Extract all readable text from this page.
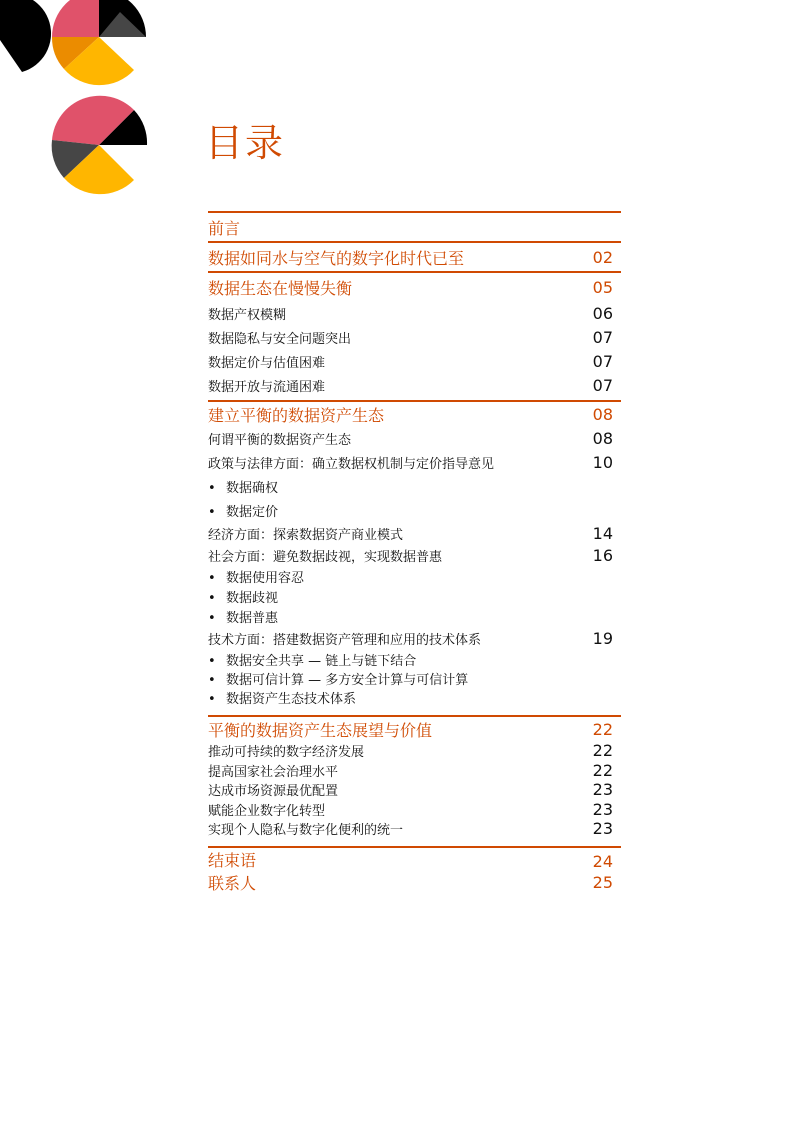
目录
前言
数据如同水与空气的数字化时代已至	02
数据生态在慢慢失衡	05
数据产权模糊	06
数据隐私与安全问题突出	07
数据定价与估值困难	07
数据开放与流通困难	07
建立平衡的数据资产生态	08
何谓平衡的数据资产生态	08
政策与法律方面：确立数据权机制与定价指导意见	10
• 数据确权
• 数据定价
经济方面：探索数据资产商业模式	14
社会方面：避免数据歧视，实现数据普惠	16
• 数据使用容忍
• 数据歧视
• 数据普惠
技术方面：搭建数据资产管理和应用的技术体系	19
• 数据安全共享 — 链上与链下结合
• 数据可信计算 — 多方安全计算与可信计算
• 数据资产生态技术体系
平衡的数据资产生态展望与价值	22
推动可持续的数字经济发展	22
提高国家社会治理水平	22
达成市场资源最优配置	23
赋能企业数字化转型	23
实现个人隐私与数字化便利的统一	23
结束语	24
联系人	25
